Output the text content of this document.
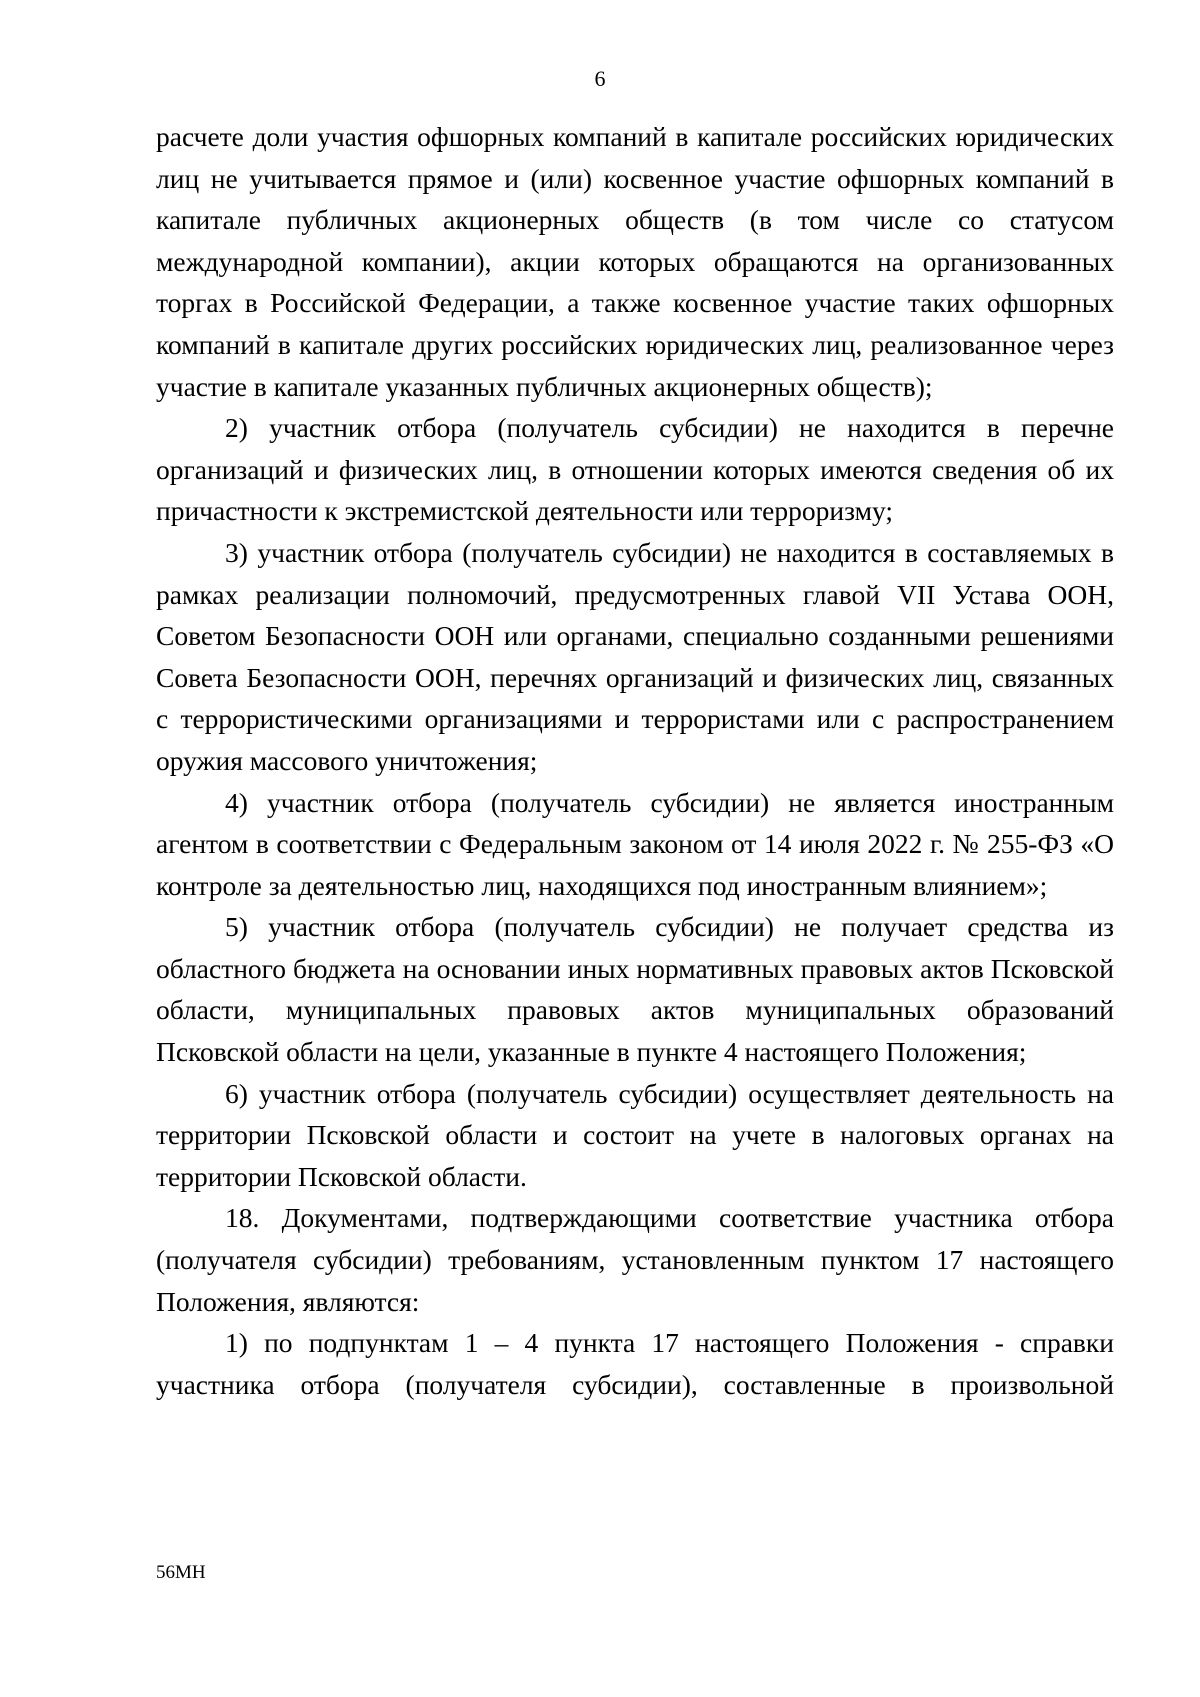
6

расчете доли участия офшорных компаний в капитале российских юридических лиц не учитывается прямое и (или) косвенное участие офшорных компаний в капитале публичных акционерных обществ (в том числе со статусом международной компании), акции которых обращаются на организованных торгах в Российской Федерации, а также косвенное участие таких офшорных компаний в капитале других российских юридических лиц, реализованное через участие в капитале указанных публичных акционерных обществ);

2) участник отбора (получатель субсидии) не находится в перечне организаций и физических лиц, в отношении которых имеются сведения об их причастности к экстремистской деятельности или терроризму;

3) участник отбора (получатель субсидии) не находится в составляемых в рамках реализации полномочий, предусмотренных главой VII Устава ООН, Советом Безопасности ООН или органами, специально созданными решениями Совета Безопасности ООН, перечнях организаций и физических лиц, связанных с террористическими организациями и террористами или с распространением оружия массового уничтожения;

4) участник отбора (получатель субсидии) не является иностранным агентом в соответствии с Федеральным законом от 14 июля 2022 г. № 255-ФЗ «О контроле за деятельностью лиц, находящихся под иностранным влиянием»;

5) участник отбора (получатель субсидии) не получает средства из областного бюджета на основании иных нормативных правовых актов Псковской области, муниципальных правовых актов муниципальных образований Псковской области на цели, указанные в пункте 4 настоящего Положения;

6) участник отбора (получатель субсидии) осуществляет деятельность на территории Псковской области и состоит на учете в налоговых органах на территории Псковской области.

18. Документами, подтверждающими соответствие участника отбора (получателя субсидии) требованиям, установленным пунктом 17 настоящего Положения, являются:

1) по подпунктам 1 – 4 пункта 17 настоящего Положения - справки участника отбора (получателя субсидии), составленные в произвольной

56МН
